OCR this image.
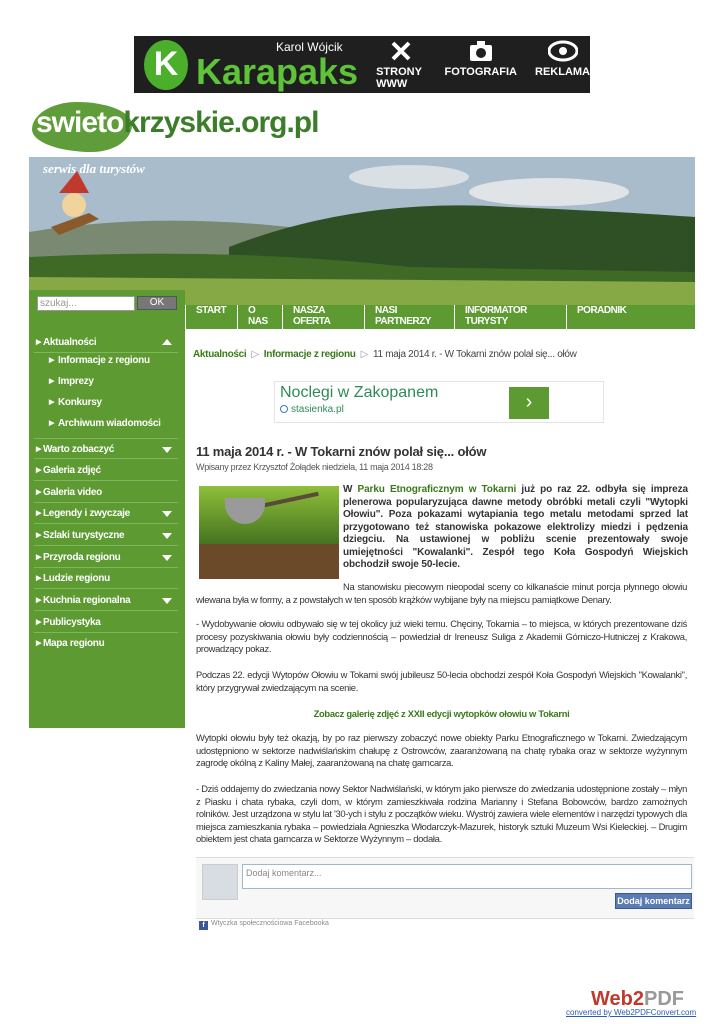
K	Karol Wójcik
Karapaks STRONY WWW
FOTOGRAFIA REKLAMA
swietokrzyskie.org.pl
serwis dla turystów
szukaj...	OK
▶ Aktualności
▶ Informacje z regionu
▶ Imprezy
▶ Konkursy
▶ Archiwum wiadomości
▶ Warto zobaczyć
▶ Galeria zdjęć
▶ Galeria video
▶ Legendy i zwyczaje
▶ Szlaki turystyczne
▶ Przyroda regionu
▶ Ludzie regionu
▶ Kuchnia regionalna
▶ Publicystyka
▶ Mapa regionu
START	O NAS
NASZA OFERTA
NASI PARTNERZY
INFORMATOR TURYSTY
PORADNIK
Aktualności ▷ Informacje z regionu ▷ 11 maja 2014 r. - W Tokarni znów polał się... ołów
Noclegi w Zakopanem
stasienka.pl	›
11 maja 2014 r. - W Tokarni znów polał się... ołów
Wpisany przez Krzysztof Żołądek niedziela, 11 maja 2014 18:28
W Parku Etnograficznym w Tokarni już po raz 22. odbyła się impreza plenerowa popularyzująca dawne metody obróbki metali czyli "Wytopki Ołowiu". Poza pokazami wytapiania tego metalu metodami sprzed lat przygotowano też stanowiska pokazowe elektrolizy miedzi i pędzenia dziegciu. Na ustawionej w pobliżu scenie prezentowały swoje umiejętności "Kowalanki". Zespół tego Koła Gospodyń Wiejskich obchodził swoje 50-lecie.
Na stanowisku piecowym nieopodal sceny co kilkanaście minut porcja płynnego ołowiu wlewana była w formy, a z powstałych w ten sposób krążków wybijane były na miejscu pamiątkowe Denary.
- Wydobywanie ołowiu odbywało się w tej okolicy już wieki temu. Chęciny, Tokarnia – to miejsca, w których prezentowane dziś procesy pozyskiwania ołowiu były codziennością – powiedział dr Ireneusz Suliga z Akademii Górniczo-Hutniczej z Krakowa, prowadzący pokaz.
Podczas 22. edycji Wytopów Ołowiu w Tokarni swój jubileusz 50-lecia obchodzi zespół Koła Gospodyń Wiejskich "Kowalanki", który przygrywał zwiedzającym na scenie.
Zobacz galerię zdjęć z XXII edycji wytopków ołowiu w Tokarni
Wytopki ołowiu były też okazją, by po raz pierwszy zobaczyć nowe obiekty Parku Etnograficznego w Tokarni. Zwiedzającym udostępniono w sektorze nadwiślańskim chałupę z Ostrowców, zaaranżowaną na chatę rybaka oraz w sektorze wyżynnym zagrodę okólną z Kaliny Małej, zaaranżowaną na chatę garncarza.
- Dziś oddajemy do zwiedzania nowy Sektor Nadwiślański, w którym jako pierwsze do zwiedzania udostępnione zostały – młyn z Piasku i chata rybaka, czyli dom, w którym zamieszkiwała rodzina Marianny i Stefana Bobowców, bardzo zamożnych rolników. Jest urządzona w stylu lat '30-ych i stylu z początków wieku. Wystrój zawiera wiele elementów i narzędzi typowych dla miejsca zamieszkania rybaka – powiedziała Agnieszka Włodarczyk-Mazurek, historyk sztuki Muzeum Wsi Kieleckiej. – Drugim obiektem jest chata garncarza w Sektorze Wyżynnym – dodała.
Dodaj komentarz...
Dodaj komentarz
f Wtyczka społecznościowa Facebooka
Web2PDF
converted by Web2PDFConvert.com
